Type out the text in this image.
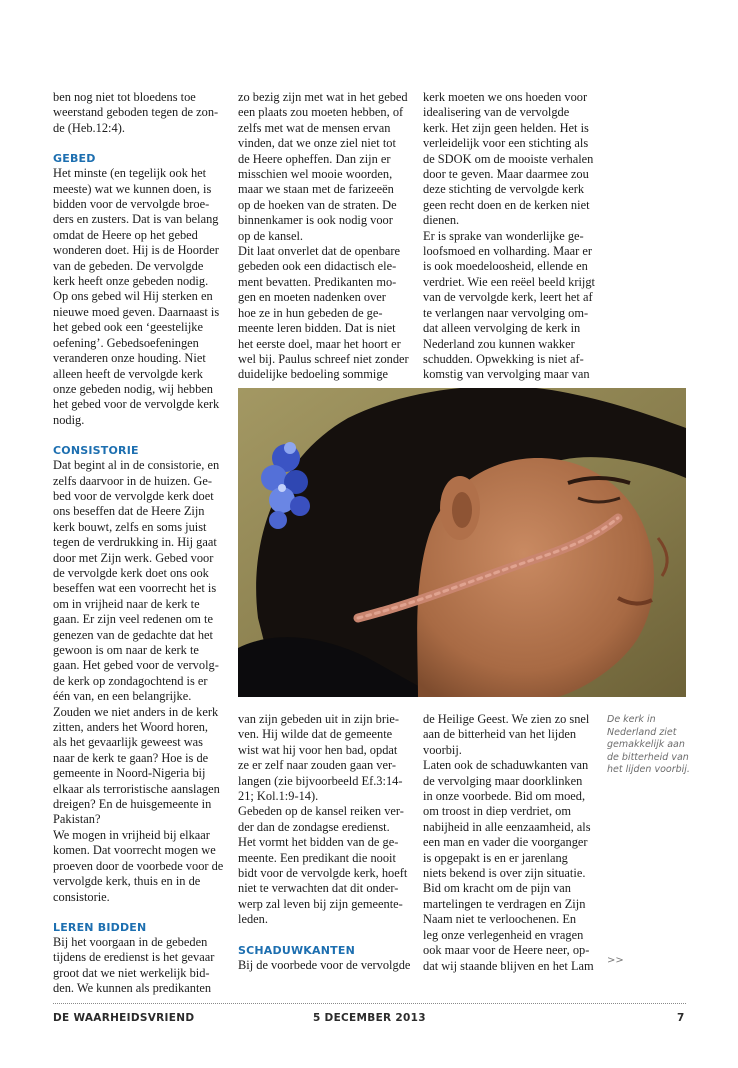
ben nog niet tot bloedens toe
weerstand geboden tegen de zon-
de (Heb.12:4).

GEBED

Het minste (en tegelijk ook het
meeste) wat we kunnen doen, is
bidden voor de vervolgde broe-
ders en zusters. Dat is van belang
omdat de Heere op het gebed
wonderen doet. Hij is de Hoorder
van de gebeden. De vervolgde
kerk heeft onze gebeden nodig.
Op ons gebed wil Hij sterken en
nieuwe moed geven. Daarnaast is
het gebed ook een ‘geestelijke
oefening’. Gebedsoefeningen
veranderen onze houding. Niet
alleen heeft de vervolgde kerk
onze gebeden nodig, wij hebben
het gebed voor de vervolgde kerk
nodig.

CONSISTORIE

Dat begint al in de consistorie, en
zelfs daarvoor in de huizen. Ge-
bed voor de vervolgde kerk doet
ons beseffen dat de Heere Zijn
kerk bouwt, zelfs en soms juist
tegen de verdrukking in. Hij gaat
door met Zijn werk. Gebed voor
de vervolgde kerk doet ons ook
beseffen wat een voorrecht het is
om in vrijheid naar de kerk te
gaan. Er zijn veel redenen om te
genezen van de gedachte dat het
gewoon is om naar de kerk te
gaan. Het gebed voor de vervolg-
de kerk op zondagochtend is er
één van, en een belangrijke.
Zouden we niet anders in de kerk
zitten, anders het Woord horen,
als het gevaarlijk geweest was
naar de kerk te gaan? Hoe is de
gemeente in Noord-Nigeria bij
elkaar als terroristische aanslagen
dreigen? En de huisgemeente in
Pakistan?
We mogen in vrijheid bij elkaar
komen. Dat voorrecht mogen we
proeven door de voorbede voor de
vervolgde kerk, thuis en in de
consistorie.

LEREN BIDDEN

Bij het voorgaan in de gebeden
tijdens de eredienst is het gevaar
groot dat we niet werkelijk bid-
den. We kunnen als predikanten
zo bezig zijn met wat in het gebed
een plaats zou moeten hebben, of
zelfs met wat de mensen ervan
vinden, dat we onze ziel niet tot
de Heere opheffen. Dan zijn er
misschien wel mooie woorden,
maar we staan met de farizeeën
op de hoeken van de straten. De
binnenkamer is ook nodig voor
op de kansel.
Dit laat onverlet dat de openbare
gebeden ook een didactisch ele-
ment bevatten. Predikanten mo-
gen en moeten nadenken over
hoe ze in hun gebeden de ge-
meente leren bidden. Dat is niet
het eerste doel, maar het hoort er
wel bij. Paulus schreef niet zonder
duidelijke bedoeling sommige
kerk moeten we ons hoeden voor
idealisering van de vervolgde
kerk. Het zijn geen helden. Het is
verleidelijk voor een stichting als
de SDOK om de mooiste verhalen
door te geven. Maar daarmee zou
deze stichting de vervolgde kerk
geen recht doen en de kerken niet
dienen.
Er is sprake van wonderlijke ge-
loofsmoed en volharding. Maar er
is ook moedeloosheid, ellende en
verdriet. Wie een reëel beeld krijgt
van de vervolgde kerk, leert het af
te verlangen naar vervolging om-
dat alleen vervolging de kerk in
Nederland zou kunnen wakker
schudden. Opwekking is niet af-
komstig van vervolging maar van
van zijn gebeden uit in zijn brie-
ven. Hij wilde dat de gemeente
wist wat hij voor hen bad, opdat
ze er zelf naar zouden gaan ver-
langen (zie bijvoorbeeld Ef.3:14-
21; Kol.1:9-14).
Gebeden op de kansel reiken ver-
der dan de zondagse eredienst.
Het vormt het bidden van de ge-
meente. Een predikant die nooit
bidt voor de vervolgde kerk, hoeft
niet te verwachten dat dit onder-
werp zal leven bij zijn gemeente-
leden.

SCHADUWKANTEN

Bij de voorbede voor de vervolgde
de Heilige Geest. We zien zo snel
aan de bitterheid van het lijden
voorbij.
Laten ook de schaduwkanten van
de vervolging maar doorklinken
in onze voorbede. Bid om moed,
om troost in diep verdriet, om
nabijheid in alle eenzaamheid, als
een man en vader die voorganger
is opgepakt is en er jarenlang
niets bekend is over zijn situatie.
Bid om kracht om de pijn van
martelingen te verdragen en Zijn
Naam niet te verloochenen. En
leg onze verlegenheid en vragen
ook maar voor de Heere neer, op-
dat wij staande blijven en het Lam
De kerk in
Nederland ziet
gemakkelijk aan
de bitterheid van
het lijden voorbij.
>>
DE WAARHEIDSVRIEND	5 DECEMBER 2013	7
